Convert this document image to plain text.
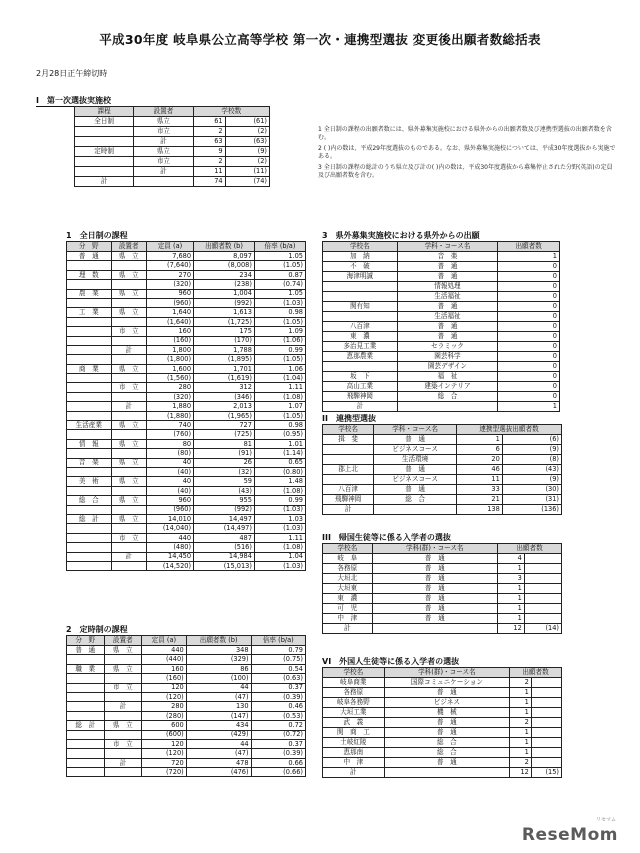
平成30年度 岐阜県公立高等学校 第一次・連携型選抜 変更後出願者数総括表
2月28日正午締切時
I　第一次選抜実施校
課程	設置者	学校数	
全日制	県立	61	(61)
	市立	2	(2)
	計	63	(63)
定時制	県立	9	(9)
	市立	2	(2)
	計	11	(11)
計		74	(74)

1 全日制の課程の出願者数には、県外募集実施校における県外からの出願者数及び連携型選抜の出願者数を含む。

2 ( )内の数は、平成29年度選抜のものである。なお、県外募集実施校については、平成30年度選抜から実施である。

3 全日制の課程の総計のうち県立及び計の( )内の数は、平成30年度選抜から募集停止された分野(英語)の定員及び出願者数を含む。

1　全日制の課程
分　野	設置者	定員 (a)	出願者数 (b)	倍率 (b/a)
普　通	県　立	7,680	8,097	1.05
		(7,640)	(8,008)	(1.05)
理　数	県　立	270	234	0.87
		(320)	(238)	(0.74)
農　業	県　立	960	1,004	1.05
		(960)	(992)	(1.03)
工　業	県　立	1,640	1,613	0.98
		(1,640)	(1,725)	(1.05)
	市　立	160	175	1.09
		(160)	(170)	(1.06)
	計	1,800	1,788	0.99
		(1,800)	(1,895)	(1.05)
商　業	県　立	1,600	1,701	1.06
		(1,560)	(1,619)	(1.04)
	市　立	280	312	1.11
		(320)	(346)	(1.08)
	計	1,880	2,013	1.07
		(1,880)	(1,965)	(1.05)
生活産業	県　立	740	727	0.98
		(760)	(725)	(0.95)
情　報	県　立	80	81	1.01
		(80)	(91)	(1.14)
音　楽	県　立	40	26	0.65
		(40)	(32)	(0.80)
美　術	県　立	40	59	1.48
		(40)	(43)	(1.08)
総　合	県　立	960	955	0.99
		(960)	(992)	(1.03)
総　計	県　立	14,010	14,497	1.03
		(14,040)	(14,497)	(1.03)
	市　立	440	487	1.11
		(480)	(516)	(1.08)
	計	14,450	14,984	1.04
		(14,520)	(15,013)	(1.03)
2　定時制の課程
分　野	設置者	定員 (a)	出願者数 (b)	倍率 (b/a)
普　通	県　立	440	348	0.79
		(440)	(329)	(0.75)
職　業	県　立	160	86	0.54
		(160)	(100)	(0.63)
	市　立	120	44	0.37
		(120)	(47)	(0.39)
	計	280	130	0.46
		(280)	(147)	(0.53)
総　計	県　立	600	434	0.72
		(600)	(429)	(0.72)
	市　立	120	44	0.37
		(120)	(47)	(0.39)
	計	720	478	0.66
		(720)	(476)	(0.66)
3　県外募集実施校における県外からの出願
学校名	学科・コース名	出願者数
加　納	音　楽	1
不　破	普　通	0
海津明誠	普　通	0
	情報処理	0
	生活福祉	0
関有知	普　通	0
	生活福祉	0
八百津	普　通	0
東　濃	普　通	0
多治見工業	セラミック	0
恵那農業	園芸科学	0
	園芸デザイン	0
坂　下	福　祉	0
高山工業	建築インテリア	0
飛騨神岡	総　合	0
計		1
II　連携型選抜
学校名	学科・コース名	連携型選抜出願者数	
揖　斐	普　通	1	(6)
	ビジネスコース	6	(9)
	生活環境	20	(8)
郡上北	普　通	46	(43)
	ビジネスコース	11	(9)
八百津	普　通	33	(30)
飛騨神岡	総　合	21	(31)
計		138	(136)
III　帰国生徒等に係る入学者の選抜
学校名	学科(群)・コース名	出願者数	
岐　阜	普　通	4	
各務原	普　通	1	
大垣北	普　通	3	
大垣東	普　通	1	
東　濃	普　通	1	
可　児	普　通	1	
中　津	普　通	1	
計		12	(14)
VI　外国人生徒等に係る入学者の選抜
学校名	学科(群)・コース名	出願者数	
岐阜商業	国際コミュニケーション	2	
各務原	普　通	1	
岐阜各務野	ビジネス	1	
大垣工業	機　械	1	
武　義	普　通	2	
関　商　工	普　通	1	
土岐紅陵	総　合	1	
恵那南	総　合	1	
中　津	普　通	2	
計		12	(15)
リセマム
ReseMom
